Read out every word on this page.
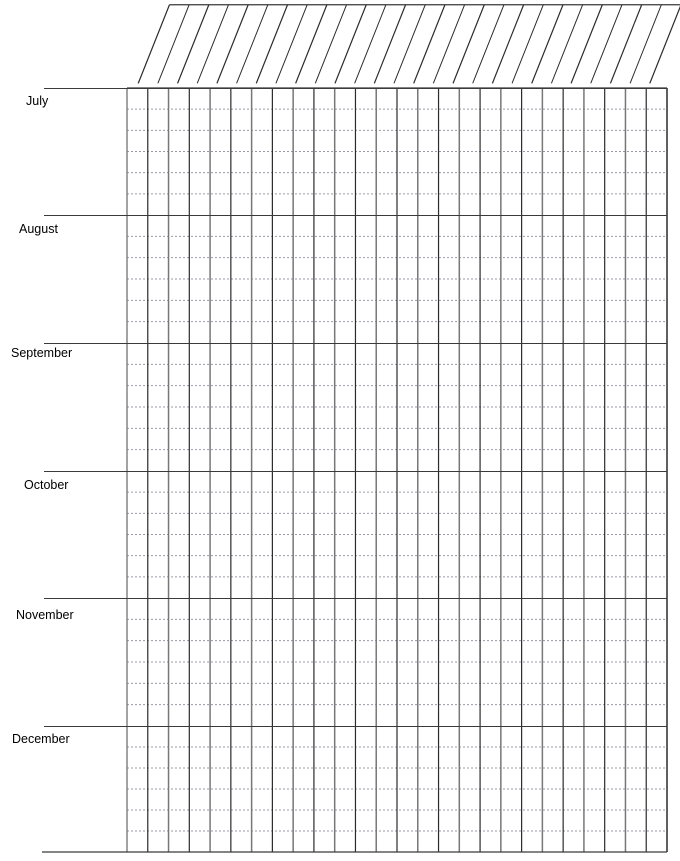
July
August
September
October
November
December
